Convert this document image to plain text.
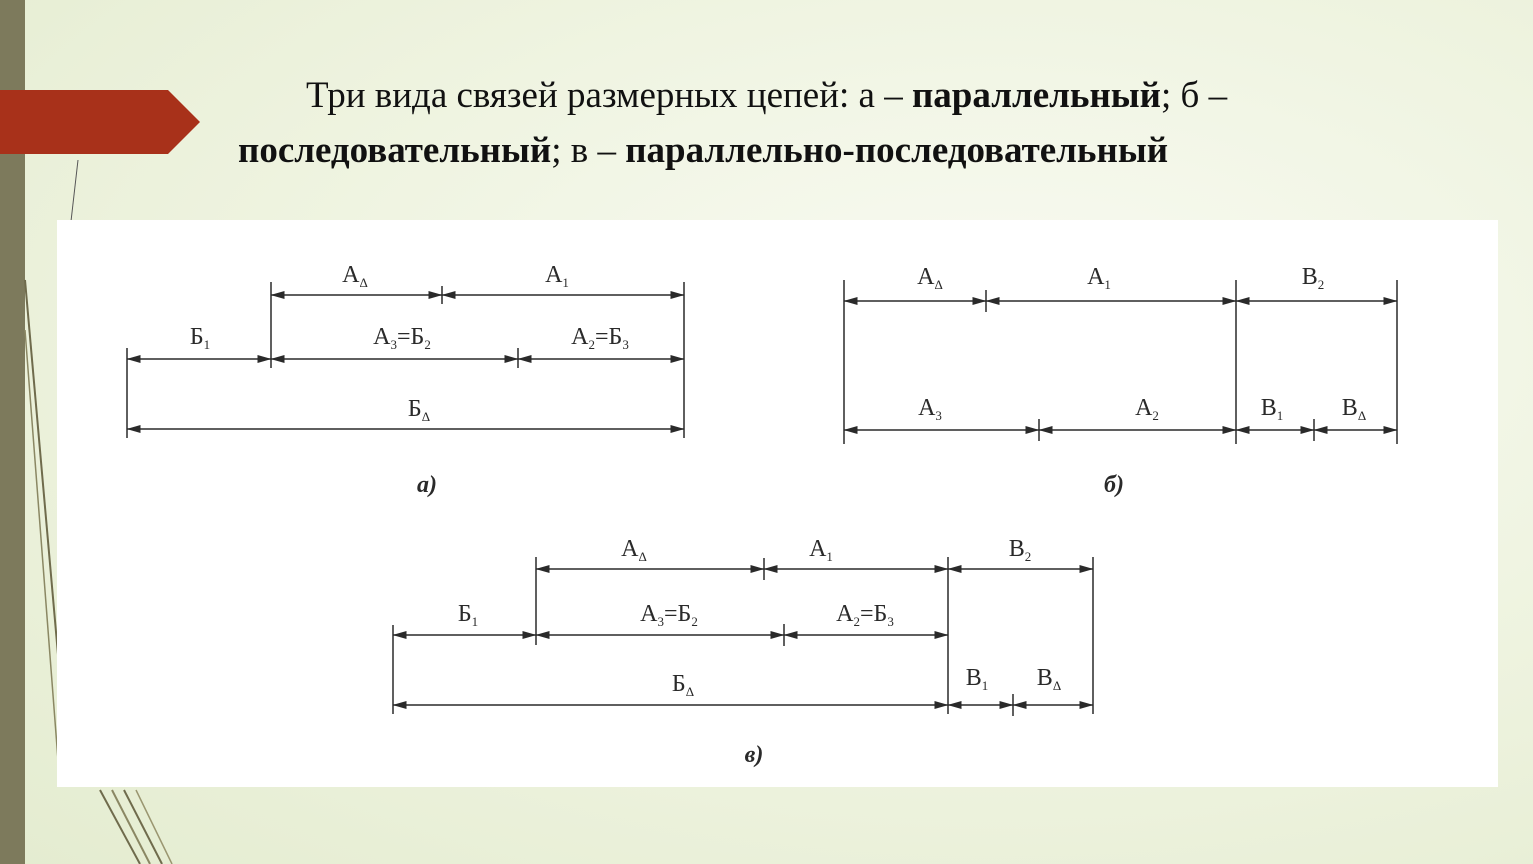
Три вида связей размерных цепей: а – параллельный; б – последовательный; в – параллельно-последовательный

$А_\Delta$	$А_1$
$Б_1$	$А_3=Б_2$	$А_2=Б_3$
$Б_\Delta$
а)
$А_\Delta$	$А_1$	$В_2$
$А_3$	$А_2$	$В_1$ $В_\Delta$
б)
$А_\Delta$	$А_1$	$В_2$
$Б_1$	$А_3=Б_2$	$А_2=Б_3$
$Б_\Delta$
$В_1$ $В_\Delta$
в)
